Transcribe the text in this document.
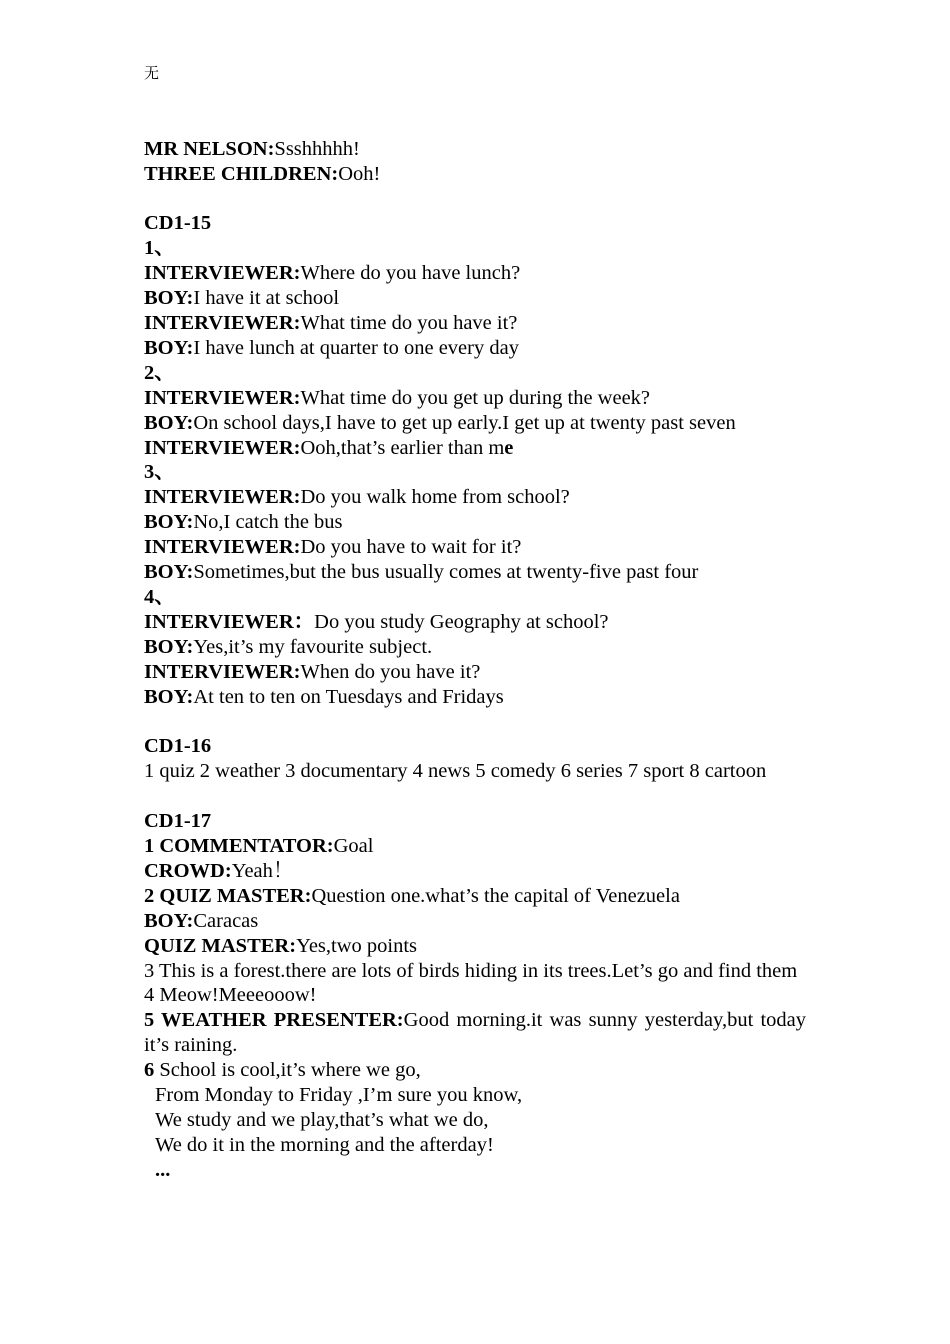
无
MR NELSON:Ssshhhhh!
THREE CHILDREN:Ooh!
CD1-15
1、
INTERVIEWER:Where do you have lunch?
BOY:I have it at school
INTERVIEWER:What time do you have it?
BOY:I have lunch at quarter to one every day
2、
INTERVIEWER:What time do you get up during the week?
BOY:On school days,I have to get up early.I get up at twenty past seven
INTERVIEWER:Ooh,that’s earlier than me
3、
INTERVIEWER:Do you walk home from school?
BOY:No,I catch the bus
INTERVIEWER:Do you have to wait for it?
BOY:Sometimes,but the bus usually comes at twenty-five past four
4、
INTERVIEWER：Do you study Geography at school?
BOY:Yes,it’s my favourite subject.
INTERVIEWER:When do you have it?
BOY:At ten to ten on Tuesdays and Fridays
CD1-16
1 quiz 2 weather 3 documentary 4 news 5 comedy 6 series 7 sport 8 cartoon
CD1-17
1 COMMENTATOR:Goal
CROWD:Yeah！
2 QUIZ MASTER:Question one.what’s the capital of Venezuela
BOY:Caracas
QUIZ MASTER:Yes,two points
3 This is a forest.there are lots of birds hiding in its trees.Let’s go and find them
4 Meow!Meeeooow!
5 WEATHER PRESENTER:Good morning.it was sunny yesterday,but today it’s raining.
6 School is cool,it’s where we go,
From Monday to Friday ,I’m sure you know,
We study and we play,that’s what we do,
We do it in the morning and the afterday!
...
